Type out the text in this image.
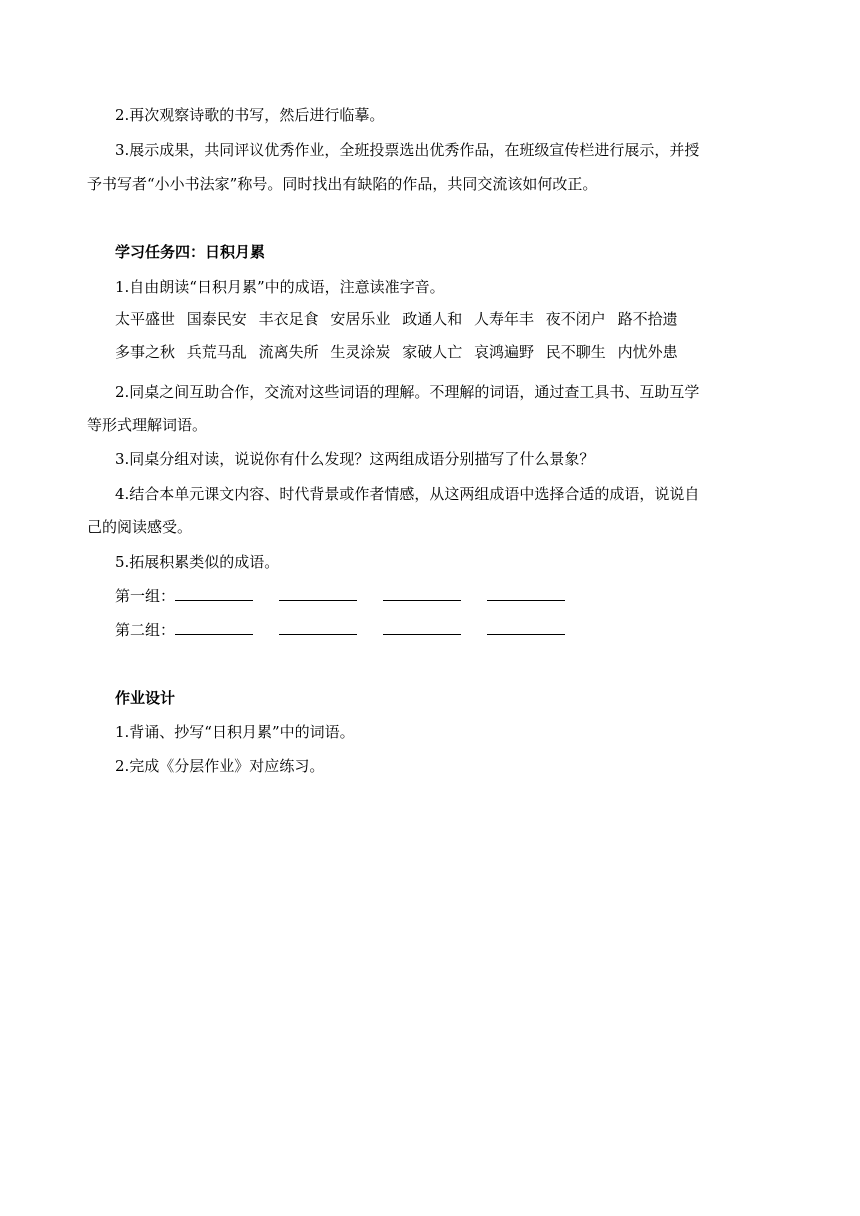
2.再次观察诗歌的书写，然后进行临摹。
3.展示成果，共同评议优秀作业，全班投票选出优秀作品，在班级宣传栏进行展示，并授
予书写者“小小书法家”称号。同时找出有缺陷的作品，共同交流该如何改正。
学习任务四：日积月累
1.自由朗读“日积月累”中的成语，注意读准字音。
太平盛世 国泰民安 丰衣足食 安居乐业 政通人和 人寿年丰 夜不闭户 路不拾遗
多事之秋 兵荒马乱 流离失所 生灵涂炭 家破人亡 哀鸿遍野 民不聊生 内忧外患
2.同桌之间互助合作，交流对这些词语的理解。不理解的词语，通过查工具书、互助互学
等形式理解词语。
3.同桌分组对读，说说你有什么发现？这两组成语分别描写了什么景象？
4.结合本单元课文内容、时代背景或作者情感，从这两组成语中选择合适的成语，说说自
己的阅读感受。
5.拓展积累类似的成语。
第一组：
第二组：
作业设计
1.背诵、抄写“日积月累”中的词语。
2.完成《分层作业》对应练习。
